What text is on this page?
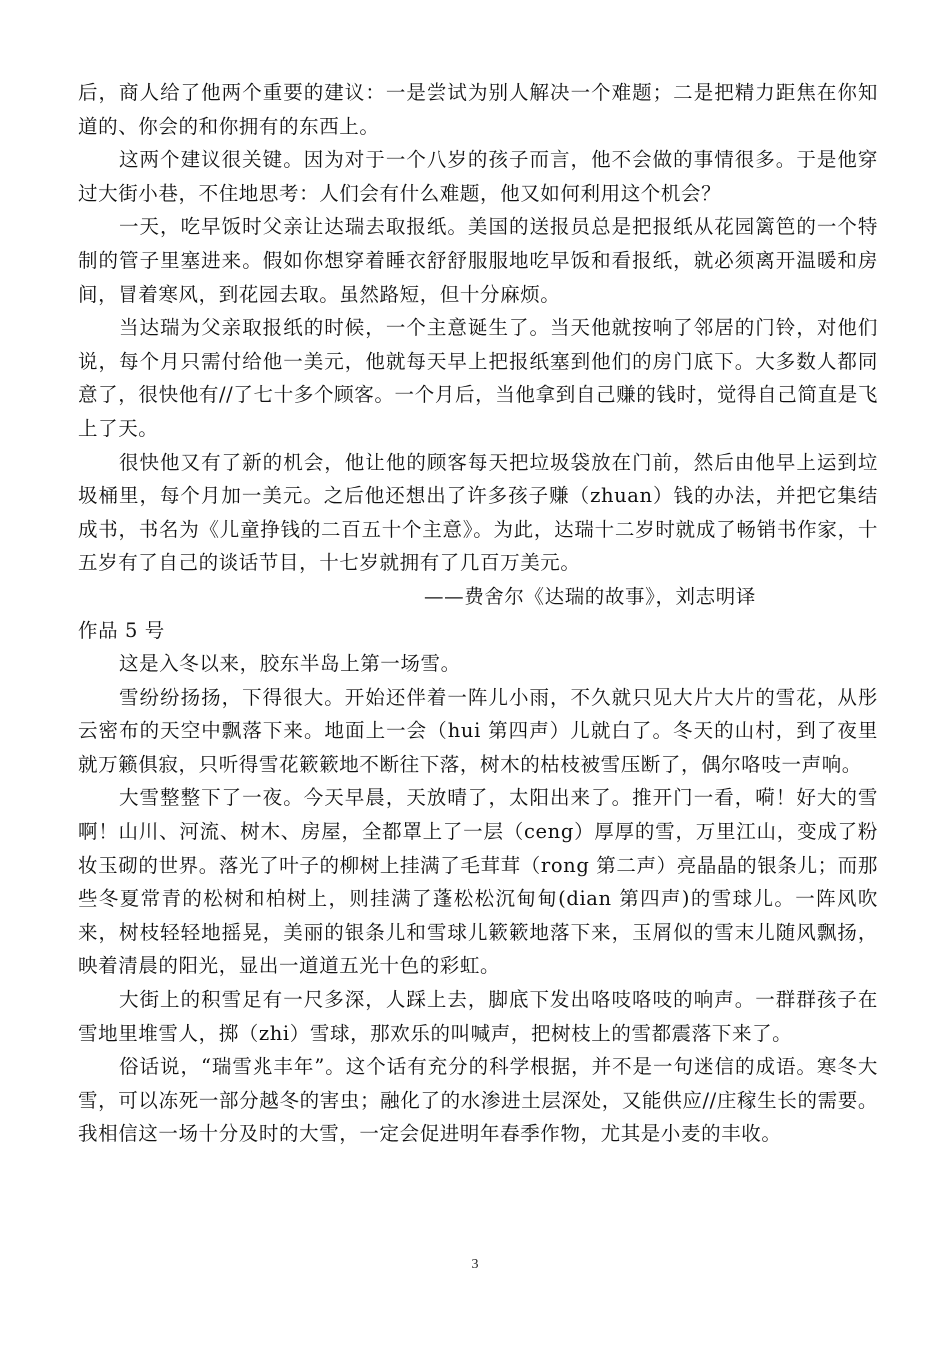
后，商人给了他两个重要的建议：一是尝试为别人解决一个难题；二是把精力距焦在你知道的、你会的和你拥有的东西上。

这两个建议很关键。因为对于一个八岁的孩子而言，他不会做的事情很多。于是他穿过大街小巷，不住地思考：人们会有什么难题，他又如何利用这个机会？

一天，吃早饭时父亲让达瑞去取报纸。美国的送报员总是把报纸从花园篱笆的一个特制的管子里塞进来。假如你想穿着睡衣舒舒服服地吃早饭和看报纸，就必须离开温暖和房间，冒着寒风，到花园去取。虽然路短，但十分麻烦。

当达瑞为父亲取报纸的时候，一个主意诞生了。当天他就按响了邻居的门铃，对他们说，每个月只需付给他一美元，他就每天早上把报纸塞到他们的房门底下。大多数人都同意了，很快他有//了七十多个顾客。一个月后，当他拿到自己赚的钱时，觉得自己简直是飞上了天。

很快他又有了新的机会，他让他的顾客每天把垃圾袋放在门前，然后由他早上运到垃圾桶里，每个月加一美元。之后他还想出了许多孩子赚（zhuan）钱的办法，并把它集结成书，书名为《儿童挣钱的二百五十个主意》。为此，达瑞十二岁时就成了畅销书作家，十五岁有了自己的谈话节目，十七岁就拥有了几百万美元。

——费舍尔《达瑞的故事》，刘志明译

作品 5 号

这是入冬以来，胶东半岛上第一场雪。

雪纷纷扬扬，下得很大。开始还伴着一阵儿小雨，不久就只见大片大片的雪花，从彤云密布的天空中飘落下来。地面上一会（hui 第四声）儿就白了。冬天的山村，到了夜里就万籁俱寂，只听得雪花簌簌地不断往下落，树木的枯枝被雪压断了，偶尔咯吱一声响。

大雪整整下了一夜。今天早晨，天放晴了，太阳出来了。推开门一看，嗬！好大的雪啊！山川、河流、树木、房屋，全都罩上了一层（ceng）厚厚的雪，万里江山，变成了粉妆玉砌的世界。落光了叶子的柳树上挂满了毛茸茸（rong 第二声）亮晶晶的银条儿；而那些冬夏常青的松树和柏树上，则挂满了蓬松松沉甸甸(dian 第四声)的雪球儿。一阵风吹来，树枝轻轻地摇晃，美丽的银条儿和雪球儿簌簌地落下来，玉屑似的雪末儿随风飘扬，映着清晨的阳光，显出一道道五光十色的彩虹。

大街上的积雪足有一尺多深，人踩上去，脚底下发出咯吱咯吱的响声。一群群孩子在雪地里堆雪人，掷（zhi）雪球，那欢乐的叫喊声，把树枝上的雪都震落下来了。

俗话说，“瑞雪兆丰年”。这个话有充分的科学根据，并不是一句迷信的成语。寒冬大雪，可以冻死一部分越冬的害虫；融化了的水渗进土层深处，又能供应//庄稼生长的需要。我相信这一场十分及时的大雪，一定会促进明年春季作物，尤其是小麦的丰收。

3
